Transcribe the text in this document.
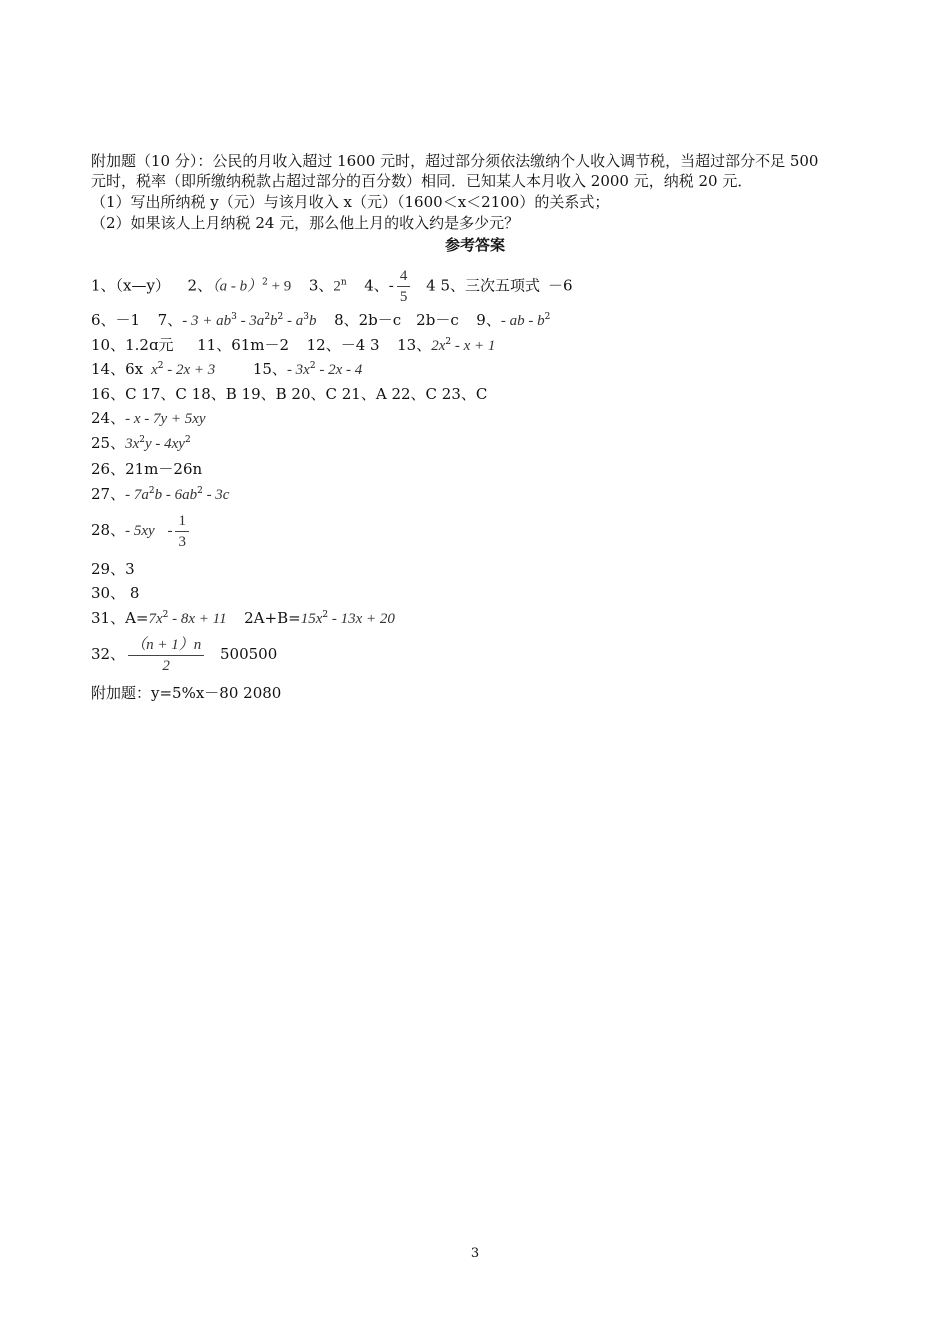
附加题（10 分）：公民的月收入超过 1600 元时，超过部分须依法缴纳个人收入调节税，当超过部分不足 500
元时，税率（即所缴纳税款占超过部分的百分数）相同．已知某人本月收入 2000 元，纳税 20 元．
（1）写出所纳税 y（元）与该月收入 x（元）（1600＜x＜2100）的关系式；
（2）如果该人上月纳税 24 元，那么他上月的收入约是多少元？
参考答案
1、（x—y） 2、（a - b）$^2$ + 9 3、2$^n$ 4、- $\frac{4}{5} 4$ 5、三次五项式 －6
6、－1 7、- $3 + ab^3 - 3a^2b^2 - a^3b$ 8、2b－c　2b－c 9、- ab - $b^2$
10、1.2ɑ元 11、61m－2 12、－4 3 13、$2x^2 - x + 1$
14、6x $x^2 - 2x + 3$	15、- $3x^2 - 2x - 4$
16、C 17、C 18、B 19、B 20、C 21、A 22、C 23、C
24、- x - 7y + 5xy
25、$3x^2y - 4xy^2$
26、21m－26n
27、- $7a^2b - 6ab^2 - 3c$
28、- $5xy - \frac{1}{3}$
29、3
30、 8
31、$A=7x^2 - 8x + 11$ $2A+B=15x^2 - 13x + 20$
32、 $\frac{(n + 1)n}{2} 500500$
附加题：y=5%x－80 2080
3
